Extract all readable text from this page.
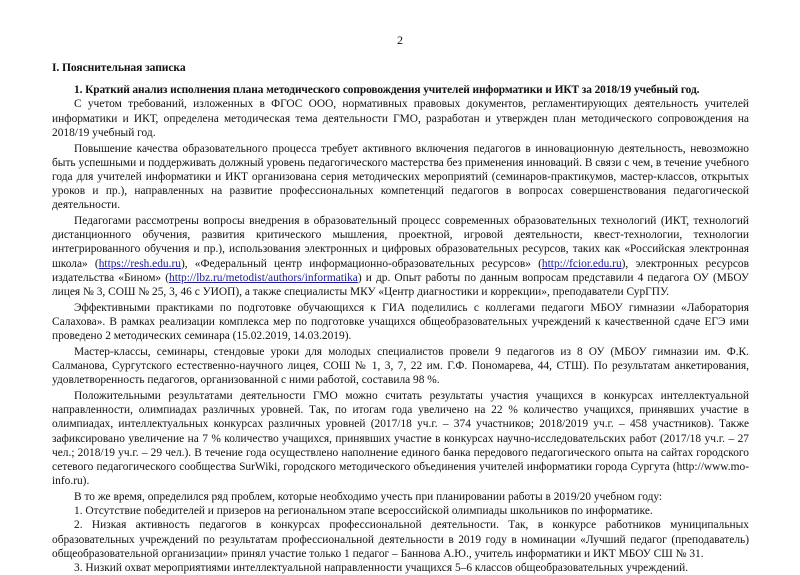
2
I. Пояснительная записка
1. Краткий анализ исполнения плана методического сопровождения учителей информатики и ИКТ за 2018/19 учебный год.

С учетом требований, изложенных в ФГОС ООО, нормативных правовых документов, регламентирующих деятельность учителей информатики и ИКТ, определена методическая тема деятельности ГМО, разработан и утвержден план методического сопровождения на 2018/19 учебный год.

Повышение качества образовательного процесса требует активного включения педагогов в инновационную деятельность, невозможно быть успешными и поддерживать должный уровень педагогического мастерства без применения инноваций. В связи с чем, в течение учебного года для учителей информатики и ИКТ организована серия методических мероприятий (семинаров-практикумов, мастер-классов, открытых уроков и пр.), направленных на развитие профессиональных компетенций педагогов в вопросах совершенствования педагогической деятельности.

Педагогами рассмотрены вопросы внедрения в образовательный процесс современных образовательных технологий (ИКТ, технологий дистанционного обучения, развития критического мышления, проектной, игровой деятельности, квест-технологии, технологии интегрированного обучения и пр.), использования электронных и цифровых образовательных ресурсов, таких как «Российская электронная школа» (https://resh.edu.ru), «Федеральный центр информационно-образовательных ресурсов» (http://fcior.edu.ru), электронных ресурсов издательства «Бином» (http://lbz.ru/metodist/authors/informatika) и др. Опыт работы по данным вопросам представили 4 педагога ОУ (МБОУ лицея № 3, СОШ № 25, 3, 46 с УИОП), а также специалисты МКУ «Центр диагностики и коррекции», преподаватели СурГПУ.

Эффективными практиками по подготовке обучающихся к ГИА поделились с коллегами педагоги МБОУ гимназии «Лаборатория Салахова». В рамках реализации комплекса мер по подготовке учащихся общеобразовательных учреждений к качественной сдаче ЕГЭ ими проведено 2 методических семинара (15.02.2019, 14.03.2019).

Мастер-классы, семинары, стендовые уроки для молодых специалистов провели 9 педагогов из 8 ОУ (МБОУ гимназии им. Ф.К. Салманова, Сургутского естественно-научного лицея, СОШ № 1, 3, 7, 22 им. Г.Ф. Пономарева, 44, СТШ). По результатам анкетирования, удовлетворенность педагогов, организованной с ними работой, составила 98 %.

Положительными результатами деятельности ГМО можно считать результаты участия учащихся в конкурсах интеллектуальной направленности, олимпиадах различных уровней. Так, по итогам года увеличено на 22 % количество учащихся, принявших участие в олимпиадах, интеллектуальных конкурсах различных уровней (2017/18 уч.г. – 374 участников; 2018/2019 уч.г. – 458 участников). Также зафиксировано увеличение на 7 % количество учащихся, принявших участие в конкурсах научно-исследовательских работ (2017/18 уч.г. – 27 чел.; 2018/19 уч.г. – 29 чел.). В течение года осуществлено наполнение единого банка передового педагогического опыта на сайтах городского сетевого педагогического сообщества SurWiki, городского методического объединения учителей информатики города Сургута (http://www.mo-info.ru).

В то же время, определился ряд проблем, которые необходимо учесть при планировании работы в 2019/20 учебном году:

1. Отсутствие победителей и призеров на региональном этапе всероссийской олимпиады школьников по информатике.

2. Низкая активность педагогов в конкурсах профессиональной деятельности. Так, в конкурсе работников муниципальных образовательных учреждений по результатам профессиональной деятельности в 2019 году в номинации «Лучший педагог (преподаватель) общеобразовательной организации» принял участие только 1 педагог – Баннова А.Ю., учитель информатики и ИКТ МБОУ СШ № 31.

3. Низкий охват мероприятиями интеллектуальной направленности учащихся 5–6 классов общеобразовательных учреждений.
